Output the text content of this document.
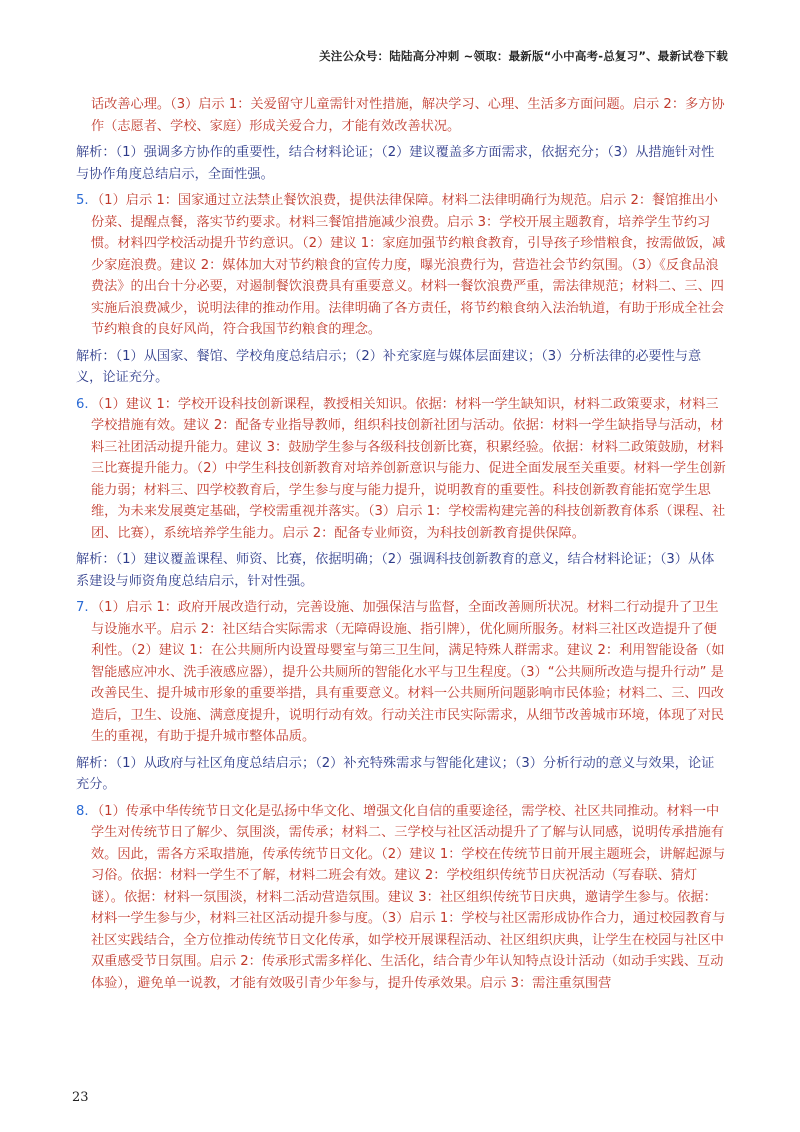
关注公众号：陆陆高分冲刺 ~领取：最新版“小中高考-总复习”、最新试卷下载
话改善心理。（3）启示 1：关爱留守儿童需针对性措施，解决学习、心理、生活多方面问题。启示 2：多方协作（志愿者、学校、家庭）形成关爱合力，才能有效改善状况。
解析：（1）强调多方协作的重要性，结合材料论证；（2）建议覆盖多方面需求，依据充分；（3）从措施针对性与协作角度总结启示，全面性强。
5. （1）启示 1：国家通过立法禁止餐饮浪费，提供法律保障。材料二法律明确行为规范。启示 2：餐馆推出小份菜、提醒点餐，落实节约要求。材料三餐馆措施减少浪费。启示 3：学校开展主题教育，培养学生节约习惯。材料四学校活动提升节约意识。（2）建议 1：家庭加强节约粮食教育，引导孩子珍惜粮食，按需做饭，减少家庭浪费。建议 2：媒体加大对节约粮食的宣传力度，曝光浪费行为，营造社会节约氛围。（3）《反食品浪费法》的出台十分必要，对遏制餐饮浪费具有重要意义。材料一餐饮浪费严重，需法律规范；材料二、三、四实施后浪费减少，说明法律的推动作用。法律明确了各方责任，将节约粮食纳入法治轨道，有助于形成全社会节约粮食的良好风尚，符合我国节约粮食的理念。
解析：（1）从国家、餐馆、学校角度总结启示；（2）补充家庭与媒体层面建议；（3）分析法律的必要性与意义，论证充分。
6. （1）建议 1：学校开设科技创新课程，教授相关知识。依据：材料一学生缺知识，材料二政策要求，材料三学校措施有效。建议 2：配备专业指导教师，组织科技创新社团与活动。依据：材料一学生缺指导与活动，材料三社团活动提升能力。建议 3：鼓励学生参与各级科技创新比赛，积累经验。依据：材料二政策鼓励，材料三比赛提升能力。（2）中学生科技创新教育对培养创新意识与能力、促进全面发展至关重要。材料一学生创新能力弱；材料三、四学校教育后，学生参与度与能力提升，说明教育的重要性。科技创新教育能拓宽学生思维，为未来发展奠定基础，学校需重视并落实。（3）启示 1：学校需构建完善的科技创新教育体系（课程、社团、比赛），系统培养学生能力。启示 2：配备专业师资，为科技创新教育提供保障。
解析：（1）建议覆盖课程、师资、比赛，依据明确；（2）强调科技创新教育的意义，结合材料论证；（3）从体系建设与师资角度总结启示，针对性强。
7. （1）启示 1：政府开展改造行动，完善设施、加强保洁与监督，全面改善厕所状况。材料二行动提升了卫生与设施水平。启示 2：社区结合实际需求（无障碍设施、指引牌），优化厕所服务。材料三社区改造提升了便利性。（2）建议 1：在公共厕所内设置母婴室与第三卫生间，满足特殊人群需求。建议 2：利用智能设备（如智能感应冲水、洗手液感应器），提升公共厕所的智能化水平与卫生程度。（3）“公共厕所改造与提升行动” 是改善民生、提升城市形象的重要举措，具有重要意义。材料一公共厕所问题影响市民体验；材料二、三、四改造后，卫生、设施、满意度提升，说明行动有效。行动关注市民实际需求，从细节改善城市环境，体现了对民生的重视，有助于提升城市整体品质。
解析：（1）从政府与社区角度总结启示；（2）补充特殊需求与智能化建议；（3）分析行动的意义与效果，论证充分。
8. （1）传承中华传统节日文化是弘扬中华文化、增强文化自信的重要途径，需学校、社区共同推动。材料一中学生对传统节日了解少、氛围淡，需传承；材料二、三学校与社区活动提升了了解与认同感，说明传承措施有效。因此，需各方采取措施，传承传统节日文化。（2）建议 1：学校在传统节日前开展主题班会，讲解起源与习俗。依据：材料一学生不了解，材料二班会有效。建议 2：学校组织传统节日庆祝活动（写春联、猜灯谜）。依据：材料一氛围淡，材料二活动营造氛围。建议 3：社区组织传统节日庆典，邀请学生参与。依据：材料一学生参与少，材料三社区活动提升参与度。（3）启示 1：学校与社区需形成协作合力，通过校园教育与社区实践结合，全方位推动传统节日文化传承，如学校开展课程活动、社区组织庆典，让学生在校园与社区中双重感受节日氛围。启示 2：传承形式需多样化、生活化，结合青少年认知特点设计活动（如动手实践、互动体验），避免单一说教，才能有效吸引青少年参与，提升传承效果。启示 3：需注重氛围营
23
